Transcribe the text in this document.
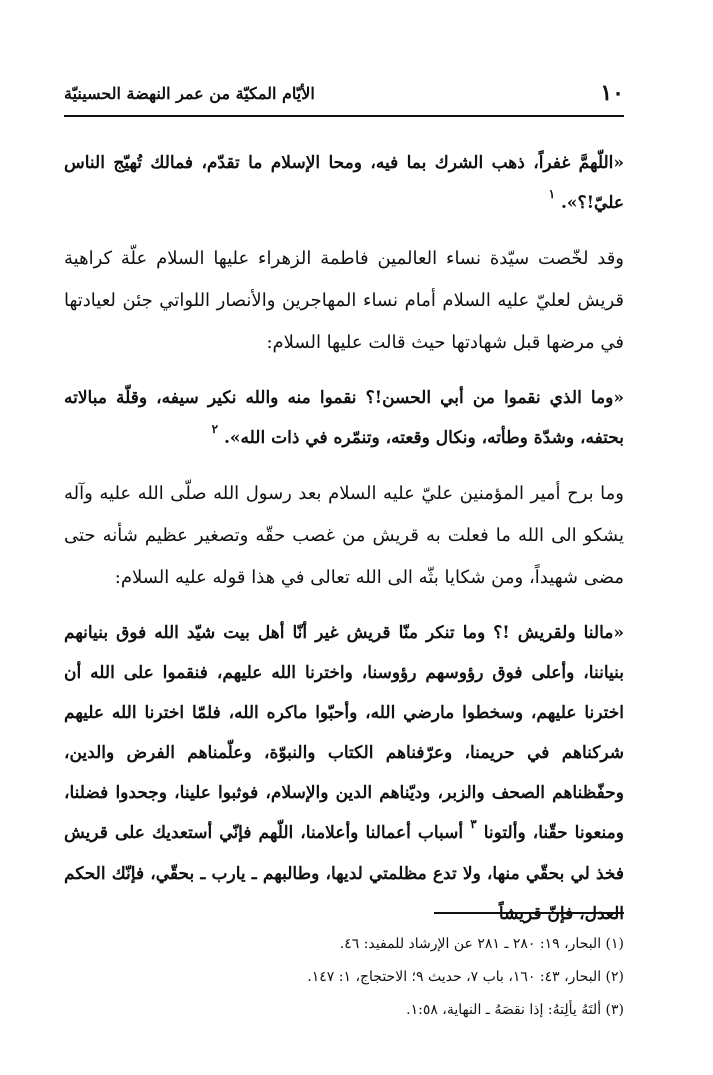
١٠
الأيّام المكيّة من عمر النهضة الحسينيّة

«اللّهمَّ غفراً، ذهب الشرك بما فيه، ومحا الإسلام ما تقدّم، فمالك تُهيّج الناس عليّ!؟». $^١$

وقد لخّصت سيّدة نساء العالمين فاطمة الزهراء عليها السلام علّة كراهية قريش لعليّ عليه السلام أمام نساء المهاجرين والأنصار اللواتي جئن لعيادتها في مرضها قبل شهادتها حيث قالت عليها السلام:

«وما الذي نقموا من أبي الحسن!؟ نقموا منه والله نكير سيفه، وقلّة مبالاته بحتفه، وشدّة وطأته، ونكال وقعته، وتنمّره في ذات الله». $^٢$

وما برح أمير المؤمنين عليّ عليه السلام بعد رسول الله صلّى الله عليه وآله يشكو الى الله ما فعلت به قريش من غصب حقّه وتصغير عظيم شأنه حتى مضى شهيداً، ومن شكايا بثّه الى الله تعالى في هذا قوله عليه السلام:

«مالنا ولقريش !؟ وما تنكر منّا قريش غير أنّا أهل بيت شيّد الله فوق بنيانهم بنياننا، وأعلى فوق رؤوسهم رؤوسنا، واخترنا الله عليهم، فنقموا على الله أن اخترنا عليهم، وسخطوا مارضي الله، وأحبّوا ماكره الله، فلمّا اخترنا الله عليهم شركناهم في حريمنا، وعرّفناهم الكتاب والنبوّة، وعلّمناهم الفرض والدين، وحفّظناهم الصحف والزبر، وديّناهم الدين والإسلام، فوثبوا علينا، وجحدوا فضلنا، ومنعونا حقّنا، وألتونا $^٣$ أسباب أعمالنا وأعلامنا، اللّهم فإنّي أستعديك على قريش فخذ لي بحقّي منها، ولا تدع مظلمتي لديها، وطالبهم ـ يارب ـ بحقّي، فإنّك الحكم العدل، فإنّ قريشاً

(١) البحار، ١٩: ٢٨٠ ـ ٢٨١ عن الإرشاد للمفيد: ٤٦.

(٢) البحار، ٤٣: ١٦٠، باب ٧، حديث ٩؛ الاحتجاج، ١: ١٤٧.

(٣) ألتَهُ يألِتهُ: إذا نقصَهُ ـ النهاية، ١:٥٨.
